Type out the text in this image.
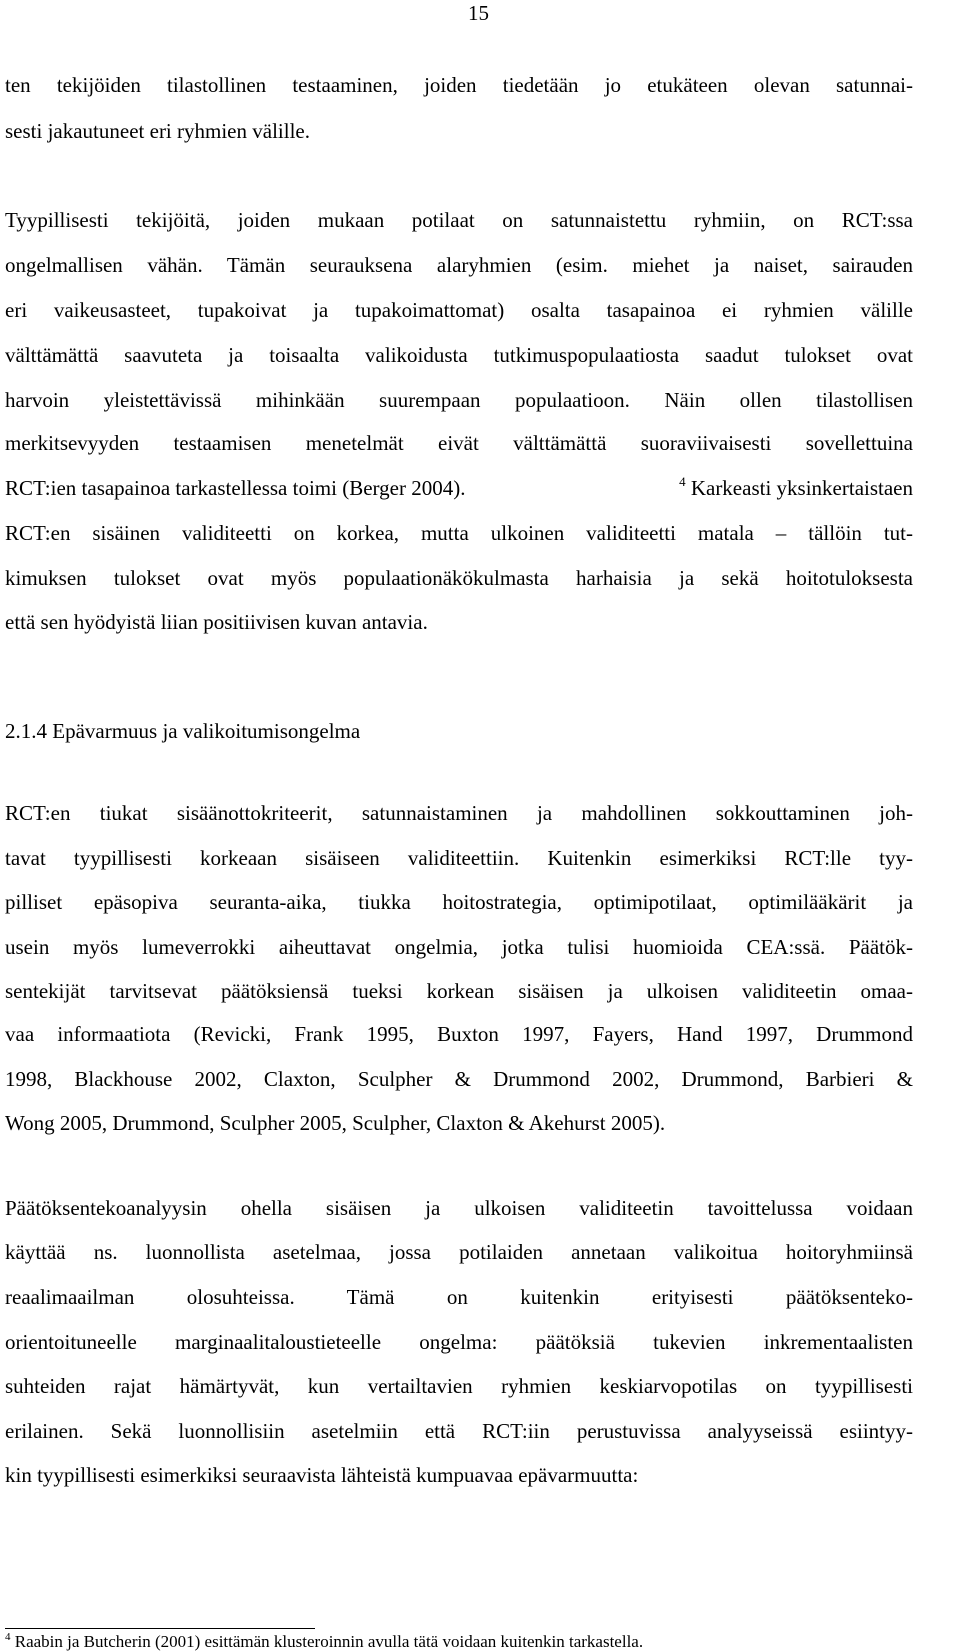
15
ten tekijöiden tilastollinen testaaminen, joiden tiedetään jo etukäteen olevan satunnai-
sesti jakautuneet eri ryhmien välille.
Tyypillisesti tekijöitä, joiden mukaan potilaat on satunnaistettu ryhmiin, on RCT:ssa
ongelmallisen vähän. Tämän seurauksena alaryhmien (esim. miehet ja naiset, sairauden
eri vaikeusasteet, tupakoivat ja tupakoimattomat) osalta tasapainoa ei ryhmien välille
välttämättä saavuteta ja toisaalta valikoidusta tutkimuspopulaatiosta saadut tulokset ovat
harvoin yleistettävissä mihinkään suurempaan populaatioon. Näin ollen tilastollisen
merkitsevyyden testaamisen menetelmät eivät välttämättä suoraviivaisesti sovellettuina
RCT:ien tasapainoa tarkastellessa toimi (Berger 2004).	$^4$ Karkeasti yksinkertaistaen
RCT:en sisäinen validiteetti on korkea, mutta ulkoinen validiteetti matala – tällöin tut-
kimuksen tulokset ovat myös populaationäkökulmasta harhaisia ja sekä hoitotuloksesta
että sen hyödyistä liian positiivisen kuvan antavia.
2.1.4 Epävarmuus ja valikoitumisongelma
RCT:en tiukat sisäänottokriteerit, satunnaistaminen ja mahdollinen sokkouttaminen joh-
tavat tyypillisesti korkeaan sisäiseen validiteettiin. Kuitenkin esimerkiksi RCT:lle tyy-
pilliset epäsopiva seuranta-aika, tiukka hoitostrategia, optimipotilaat, optimilääkärit ja
usein myös lumeverrokki aiheuttavat ongelmia, jotka tulisi huomioida CEA:ssä. Päätök-
sentekijät tarvitsevat päätöksiensä tueksi korkean sisäisen ja ulkoisen validiteetin omaa-
vaa informaatiota (Revicki, Frank 1995, Buxton 1997, Fayers, Hand 1997, Drummond
1998, Blackhouse 2002, Claxton, Sculpher & Drummond 2002, Drummond, Barbieri &
Wong 2005, Drummond, Sculpher 2005, Sculpher, Claxton & Akehurst 2005).
Päätöksentekoanalyysin ohella sisäisen ja ulkoisen validiteetin tavoittelussa voidaan
käyttää ns. luonnollista asetelmaa, jossa potilaiden annetaan valikoitua hoitoryhmiinsä
reaalimaailman olosuhteissa. Tämä on kuitenkin erityisesti päätöksenteko-
orientoituneelle marginaalitaloustieteelle ongelma: päätöksiä tukevien inkrementaalisten
suhteiden rajat hämärtyvät, kun vertailtavien ryhmien keskiarvopotilas on tyypillisesti
erilainen. Sekä luonnollisiin asetelmiin että RCT:iin perustuvissa analyyseissä esiintyy-
kin tyypillisesti esimerkiksi seuraavista lähteistä kumpuavaa epävarmuutta:
$^4$ Raabin ja Butcherin (2001) esittämän klusteroinnin avulla tätä voidaan kuitenkin tarkastella.
